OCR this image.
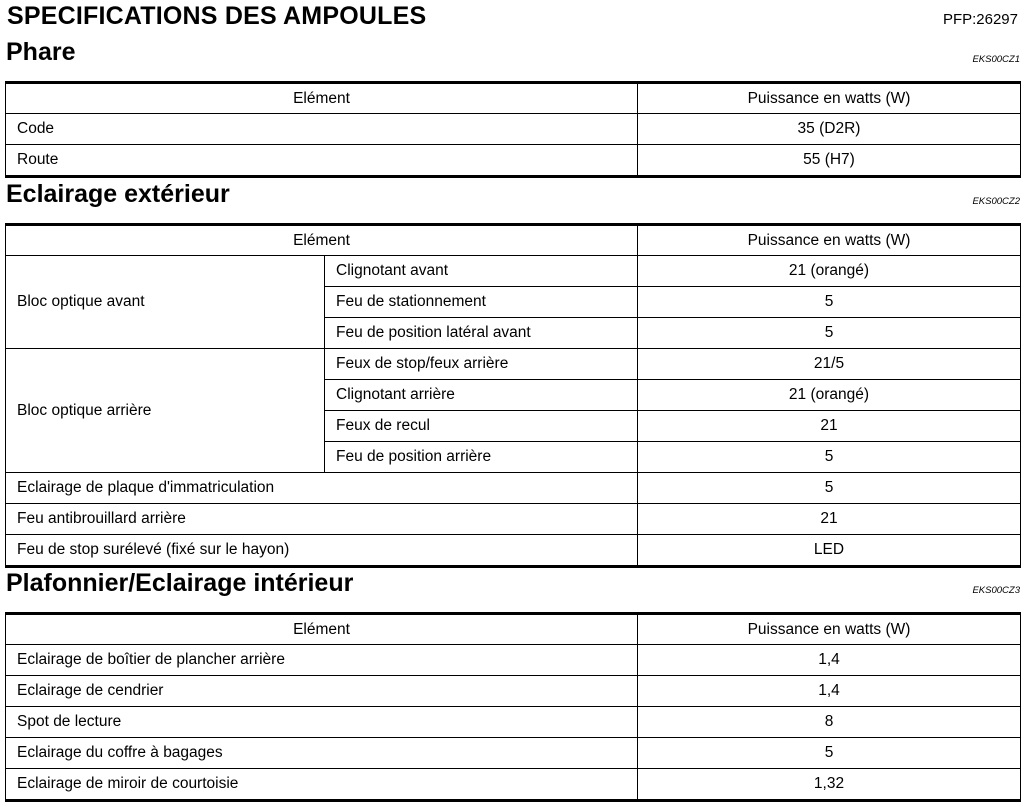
SPECIFICATIONS DES AMPOULES	PFP:26297
Phare	EKS00CZ1
Elément	Puissance en watts (W)
Code	35 (D2R)
Route	55 (H7)
Eclairage extérieur	EKS00CZ2
Elément		Puissance en watts (W)
Bloc optique avant	Clignotant avant	21 (orangé)
	Feu de stationnement	5
	Feu de position latéral avant	5
Bloc optique arrière	Feux de stop/feux arrière	21/5
	Clignotant arrière	21 (orangé)
	Feux de recul	21
	Feu de position arrière	5
Eclairage de plaque d'immatriculation		5
Feu antibrouillard arrière		21
Feu de stop surélevé (fixé sur le hayon)		LED
Plafonnier/Eclairage intérieur	EKS00CZ3
Elément	Puissance en watts (W)
Eclairage de boîtier de plancher arrière	1,4
Eclairage de cendrier	1,4
Spot de lecture	8
Eclairage du coffre à bagages	5
Eclairage de miroir de courtoisie	1,32
